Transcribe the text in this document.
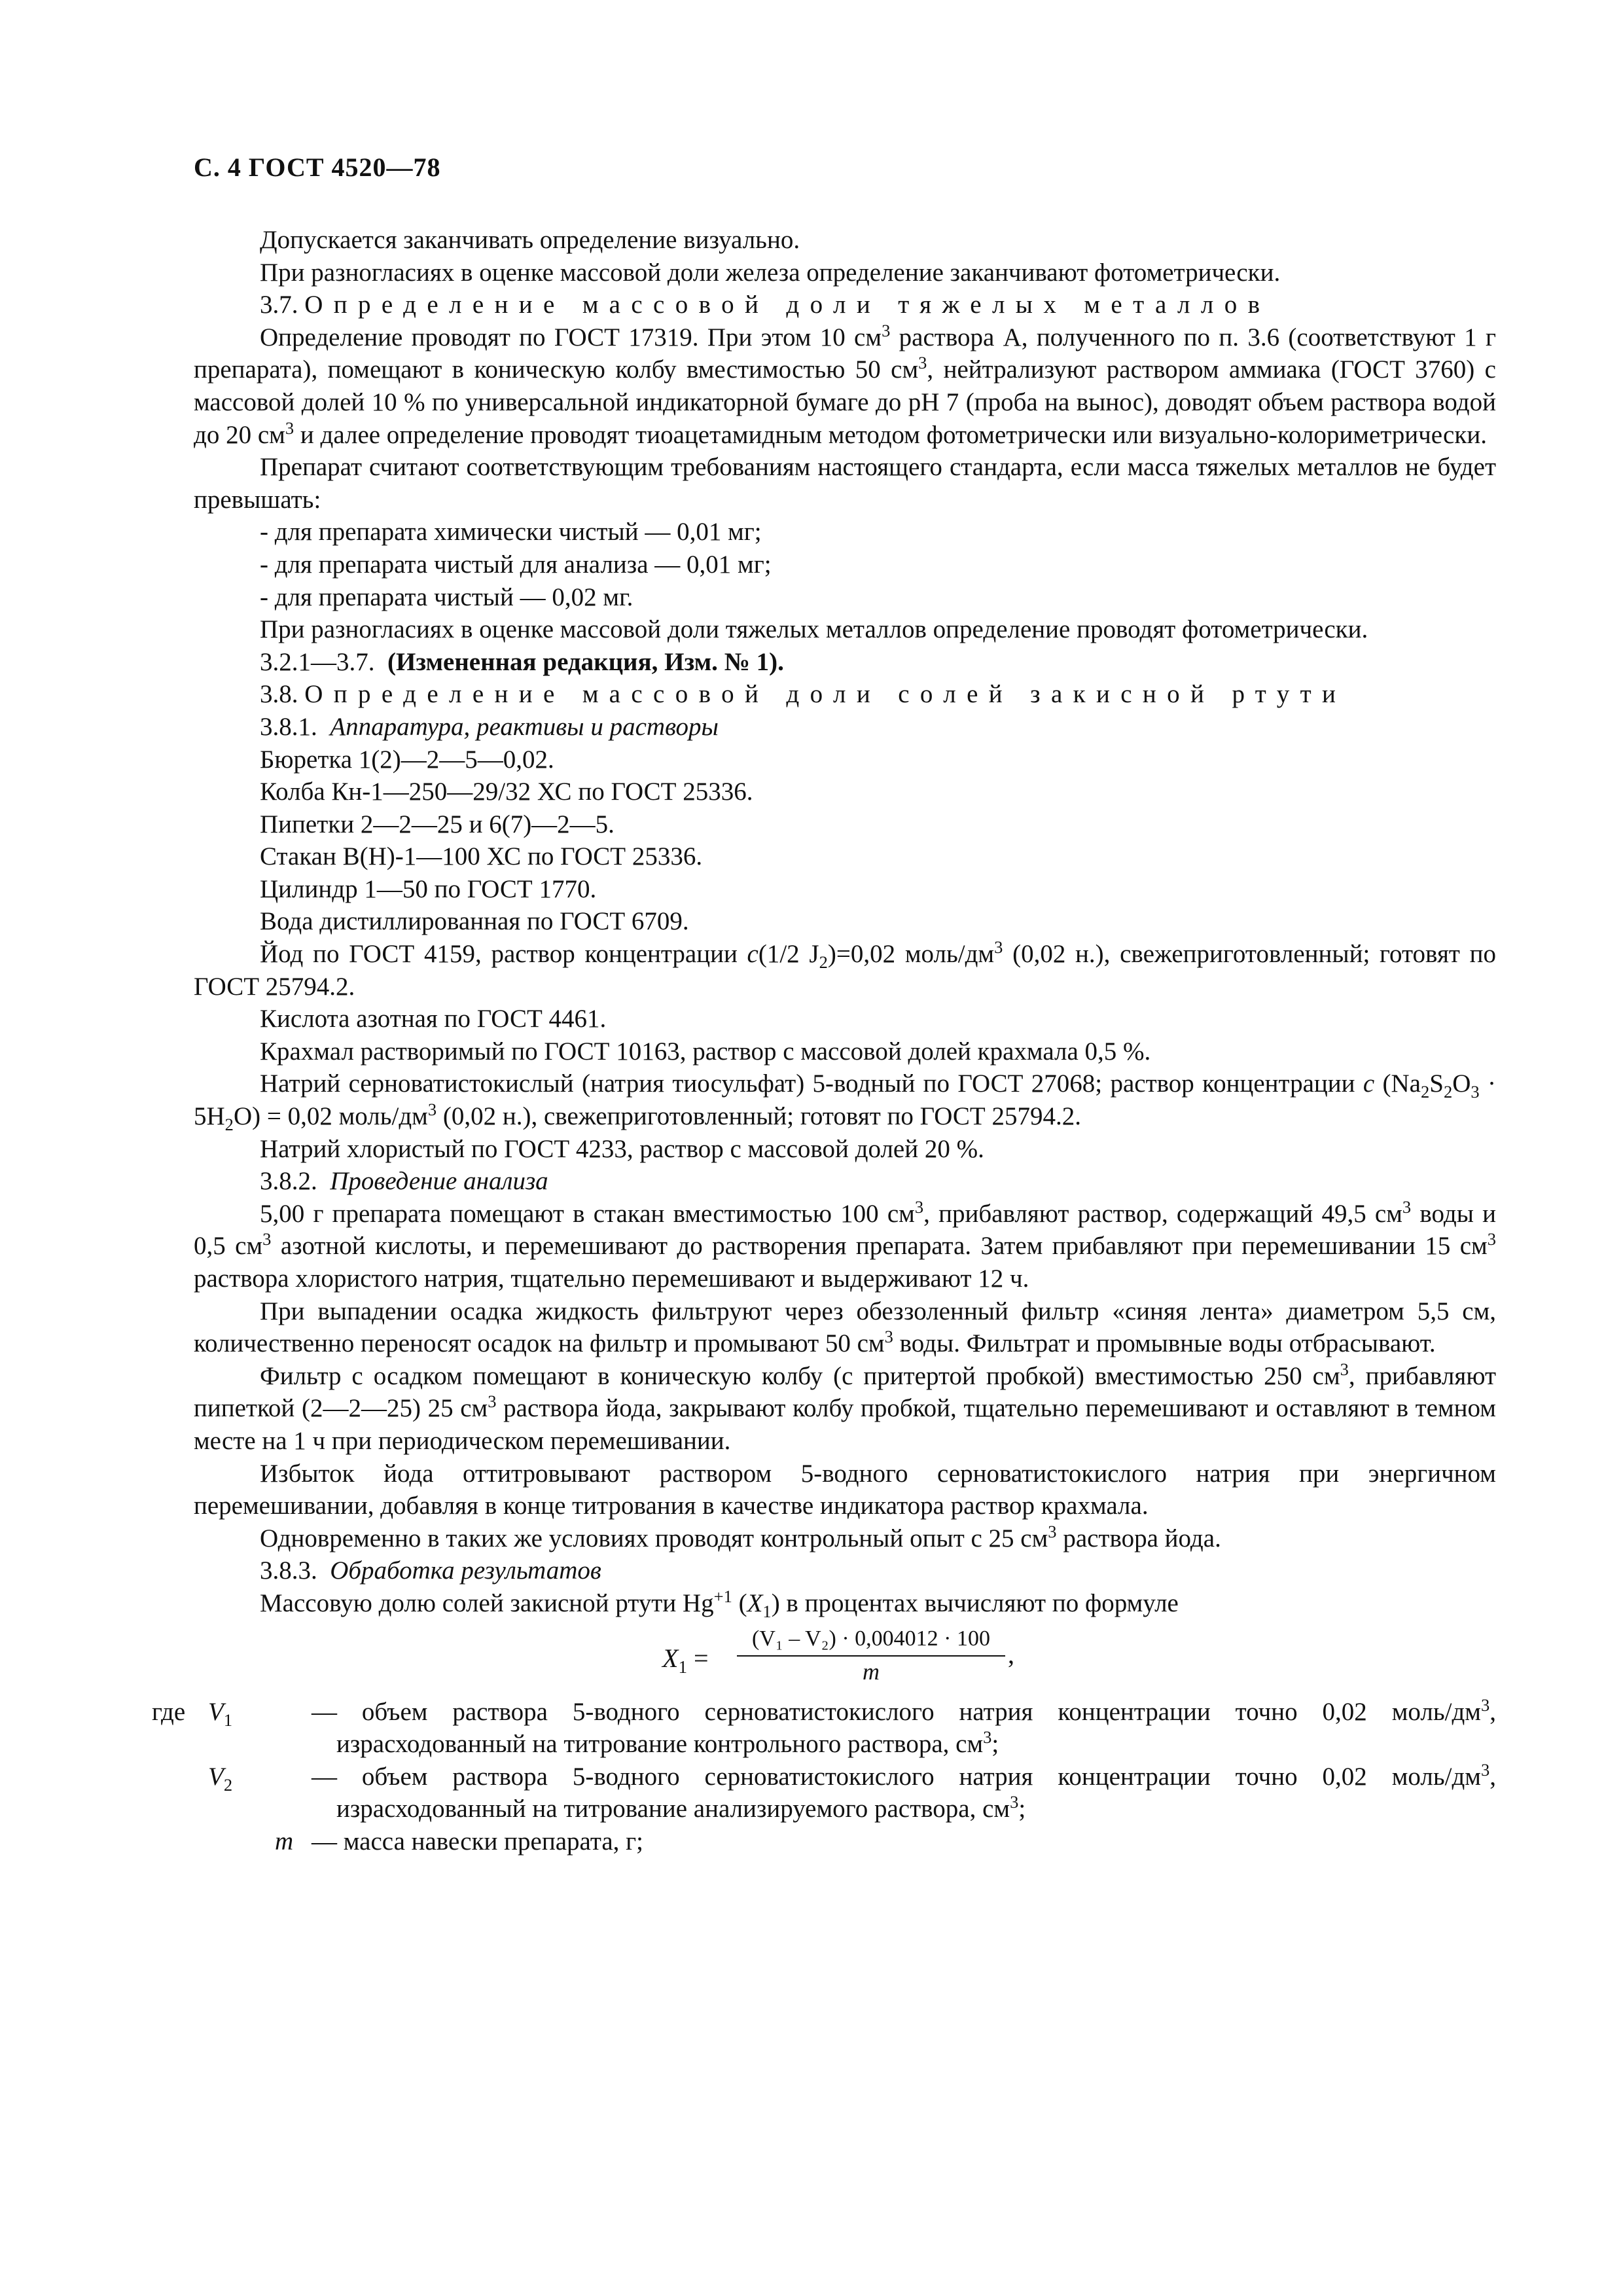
С. 4 ГОСТ 4520—78

Допускается заканчивать определение визуально.

При разногласиях в оценке массовой доли железа определение заканчивают фотометрически.

3.7. Определение массовой доли тяжелых металлов

Определение проводят по ГОСТ 17319. При этом 10 $см^3$ раствора А, полученного по п. 3.6 (соответствуют 1 г препарата), помещают в коническую колбу вместимостью 50 $см^3$, нейтрализуют раствором аммиака (ГОСТ 3760) с массовой долей 10 % по универсальной индикаторной бумаге до pH 7 (проба на вынос), доводят объем раствора водой до 20 $см^3$ и далее определение проводят тиоацетамидным методом фотометрически или визуально-колориметрически.

Препарат считают соответствующим требованиям настоящего стандарта, если масса тяжелых металлов не будет превышать:

- для препарата химически чистый — 0,01 мг;

- для препарата чистый для анализа — 0,01 мг;

- для препарата чистый — 0,02 мг.

При разногласиях в оценке массовой доли тяжелых металлов определение проводят фотометрически.

3.2.1—3.7. (Измененная редакция, Изм. № 1).

3.8. Определение массовой доли солей закисной ртути

3.8.1. Аппаратура, реактивы и растворы

Бюретка 1(2)—2—5—0,02.

Колба Кн-1—250—29/32 ХС по ГОСТ 25336.

Пипетки 2—2—25 и 6(7)—2—5.

Стакан В(Н)-1—100 ХС по ГОСТ 25336.

Цилиндр 1—50 по ГОСТ 1770.

Вода дистиллированная по ГОСТ 6709.

Йод по ГОСТ 4159, раствор концентрации c(1/2 $J_2)=0,02$ моль/$дм^3$ (0,02 н.), свежеприготовленный; готовят по ГОСТ 25794.2.

Кислота азотная по ГОСТ 4461.

Крахмал растворимый по ГОСТ 10163, раствор с массовой долей крахмала 0,5 %.

Натрий серноватистокислый (натрия тиосульфат) 5-водный по ГОСТ 27068; раствор концентрации c $(Na_2S_2O_3 \cdot 5H_2O) = 0,02$ моль/$дм^3$ (0,02 н.), свежеприготовленный; готовят по ГОСТ 25794.2.

Натрий хлористый по ГОСТ 4233, раствор с массовой долей 20 %.

3.8.2. Проведение анализа

5,00 г препарата помещают в стакан вместимостью 100 $см^3$, прибавляют раствор, содержащий 49,5 $см^3$ воды и 0,5 $см^3$ азотной кислоты, и перемешивают до растворения препарата. Затем прибавляют при перемешивании 15 $см^3$ раствора хлористого натрия, тщательно перемешивают и выдерживают 12 ч.

При выпадении осадка жидкость фильтруют через обеззоленный фильтр «синяя лента» диаметром 5,5 см, количественно переносят осадок на фильтр и промывают 50 $см^3$ воды. Фильтрат и промывные воды отбрасывают.

Фильтр с осадком помещают в коническую колбу (с притертой пробкой) вместимостью 250 $см^3$, прибавляют пипеткой (2—2—25) 25 $см^3$ раствора йода, закрывают колбу пробкой, тщательно перемешивают и оставляют в темном месте на 1 ч при периодическом перемешивании.

Избыток йода оттитровывают раствором 5-водного серноватистокислого натрия при энергичном перемешивании, добавляя в конце титрования в качестве индикатора раствор крахмала.

Одновременно в таких же условиях проводят контрольный опыт с 25 $см^3$ раствора йода.

3.8.3. Обработка результатов

Массовую долю солей закисной ртути $Hg^{+1}$ $(X_1)$ в процентах вычисляют по формуле

$X_1 = \frac{\text{(V₁ – V₂) · 0,004012 · 100}}{m}$ ,
где $V_1$	— объем раствора 5-водного серноватистокислого натрия концентрации точно 0,02 моль/$дм^3$, израсходованный на титрование контрольного раствора, $см^3$;
$V_2$	— объем раствора 5-водного серноватистокислого натрия концентрации точно 0,02 моль/$дм^3$, израсходованный на титрование анализируемого раствора, $см^3$;
m — масса навески препарата, г;
